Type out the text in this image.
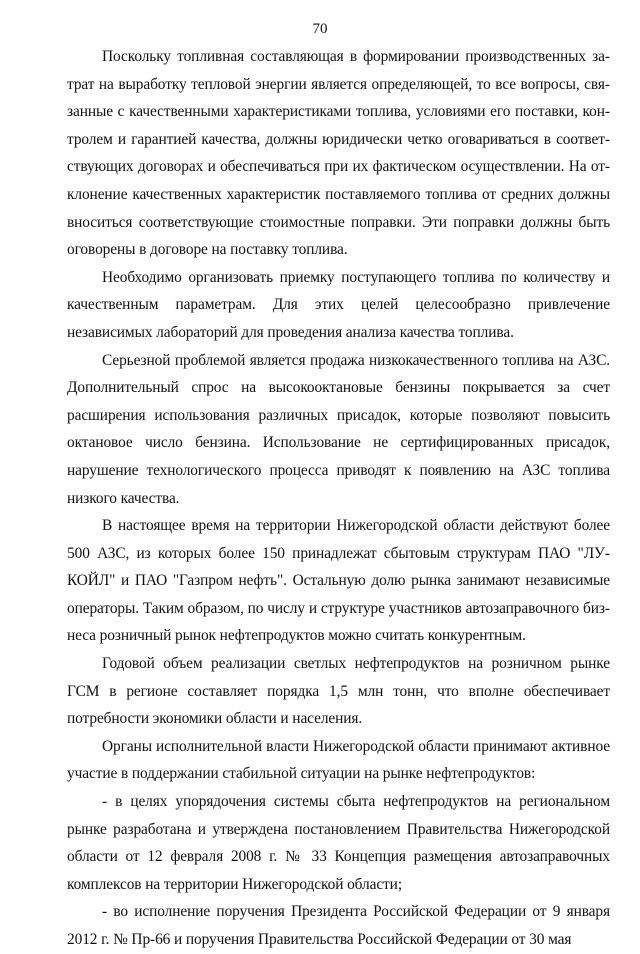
70

Поскольку топливная составляющая в формировании производственных затрат на выработку тепловой энергии является определяющей, то все вопросы, связанные с качественными характеристиками топлива, условиями его поставки, контролем и гарантией качества, должны юридически четко оговариваться в соответствующих договорах и обеспечиваться при их фактическом осуществлении. На отклонение качественных характеристик поставляемого топлива от средних должны вноситься соответствующие стоимостные поправки. Эти поправки должны быть оговорены в договоре на поставку топлива.

Необходимо организовать приемку поступающего топлива по количеству и качественным параметрам. Для этих целей целесообразно привлечение независимых лабораторий для проведения анализа качества топлива.

Серьезной проблемой является продажа низкокачественного топлива на АЗС. Дополнительный спрос на высокооктановые бензины покрывается за счет расширения использования различных присадок, которые позволяют повысить октановое число бензина. Использование не сертифицированных присадок, нарушение технологического процесса приводят к появлению на АЗС топлива низкого качества.

В настоящее время на территории Нижегородской области действуют более 500 АЗС, из которых более 150 принадлежат сбытовым структурам ПАО "ЛУКОЙЛ" и ПАО "Газпром нефть". Остальную долю рынка занимают независимые операторы. Таким образом, по числу и структуре участников автозаправочного бизнеса розничный рынок нефтепродуктов можно считать конкурентным.

Годовой объем реализации светлых нефтепродуктов на розничном рынке ГСМ в регионе составляет порядка 1,5 млн тонн, что вполне обеспечивает потребности экономики области и населения.

Органы исполнительной власти Нижегородской области принимают активное участие в поддержании стабильной ситуации на рынке нефтепродуктов:

- в целях упорядочения системы сбыта нефтепродуктов на региональном рынке разработана и утверждена постановлением Правительства Нижегородской области от 12 февраля 2008 г. № 33 Концепция размещения автозаправочных комплексов на территории Нижегородской области;

- во исполнение поручения Президента Российской Федерации от 9 января 2012 г. № Пр-66 и поручения Правительства Российской Федерации от 30 мая
